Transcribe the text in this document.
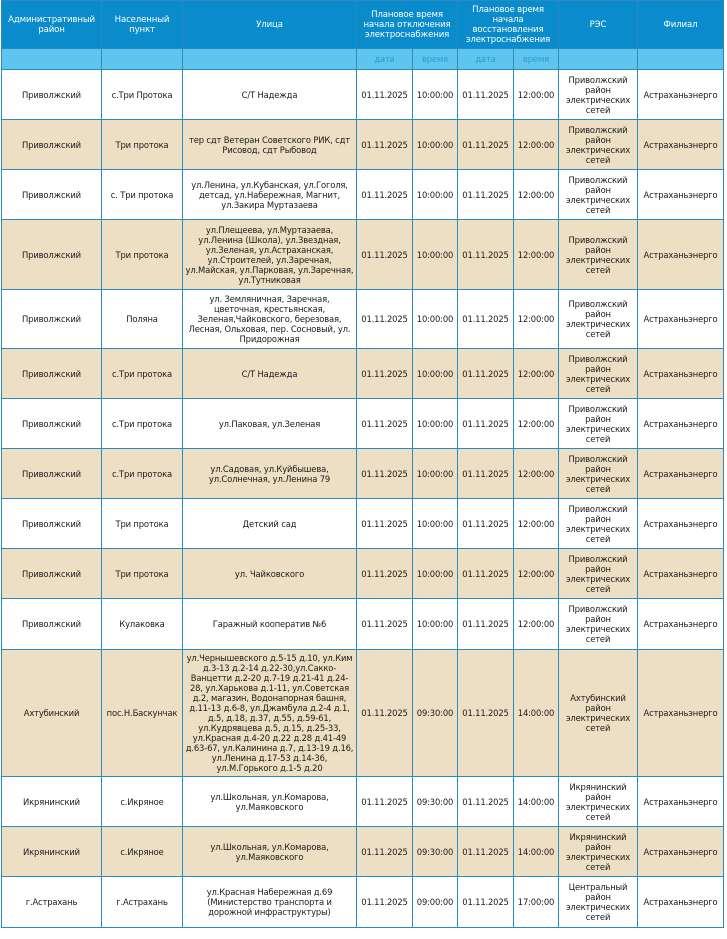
Административный район	Населенный пункт	Улица	Плановое время начала отключения электроснабжения		Плановое время начала восстановления электроснабжения		РЭС	Филиал
			дата	время	дата	время		
Приволжский	с.Три Протока	С/Т Надежда	01.11.2025	10:00:00	01.11.2025	12:00:00	Приволжский район электрических сетей	Астраханьэнерго
Приволжский	Три протока	тер сдт Ветеран Советского РИК, сдт Рисовод, сдт Рыбовод	01.11.2025	10:00:00	01.11.2025	12:00:00	Приволжский район электрических сетей	Астраханьэнерго
Приволжский	с. Три протока	ул.Ленина, ул.Кубанская, ул.Гоголя, детсад, ул.Набережная, Магнит, ул.Закира Муртазаева	01.11.2025	10:00:00	01.11.2025	12:00:00	Приволжский район электрических сетей	Астраханьэнерго
Приволжский	Три протока	ул.Плещеева, ул.Муртазаева, ул.Ленина (Школа), ул.Звездная, ул.Зеленая, ул.Астраханская, ул.Строителей, ул.Заречная, ул.Майская, ул.Парковая, ул.Заречная, ул.Тутниковая	01.11.2025	10:00:00	01.11.2025	12:00:00	Приволжский район электрических сетей	Астраханьэнерго
Приволжский	Поляна	ул. Земляничная, Заречная, цветочная, крестьянская, Зеленая,Чайковского, березовая, Лесная, Ольховая, пер. Сосновый, ул. Придорожная	01.11.2025	10:00:00	01.11.2025	12:00:00	Приволжский район электрических сетей	Астраханьэнерго
Приволжский	с.Три протока	С/Т Надежда	01.11.2025	10:00:00	01.11.2025	12:00:00	Приволжский район электрических сетей	Астраханьэнерго
Приволжский	с.Три протока	ул.Паковая, ул.Зеленая	01.11.2025	10:00:00	01.11.2025	12:00:00	Приволжский район электрических сетей	Астраханьэнерго
Приволжский	с.Три протока	ул.Садовая, ул.Куйбышева, ул.Солнечная, ул.Ленина 79	01.11.2025	10:00:00	01.11.2025	12:00:00	Приволжский район электрических сетей	Астраханьэнерго
Приволжский	Три протока	Детский сад	01.11.2025	10:00:00	01.11.2025	12:00:00	Приволжский район электрических сетей	Астраханьэнерго
Приволжский	Три протока	ул. Чайковского	01.11.2025	10:00:00	01.11.2025	12:00:00	Приволжский район электрических сетей	Астраханьэнерго
Приволжский	Кулаковка	Гаражный кооператив №6	01.11.2025	10:00:00	01.11.2025	12:00:00	Приволжский район электрических сетей	Астраханьэнерго
Ахтубинский	пос.Н.Баскунчак	ул.Чернышевского д.5-15 д.10, ул.Ким д.3-13 д.2-14 д.22-30,ул.Сакко-Ванцетти д.2-20 д.7-19 д.21-41 д.24-28, ул.Харькова д.1-11, ул.Советская д.2, магазин, Водонапорная башня, д.11-13 д.6-8, ул.Джамбула д.2-4 д.1, д.5, д.18, д.37, д.55, д.59-61, ул.Кудрявцева д.5, д.15, д.25-33, ул.Красная д.4-20 д.22 д.28 д.41-49 д.63-67, ул.Калинина д.7, д.13-19 д.16, ул.Ленина д.17-53 д.14-36, ул.М.Горького д.1-5 д.20	01.11.2025	09:30:00	01.11.2025	14:00:00	Ахтубинский район электрических сетей	Астраханьэнерго
Икрянинский	с.Икряное	ул.Школьная, ул.Комарова, ул.Маяковского	01.11.2025	09:30:00	01.11.2025	14:00:00	Икрянинский район электрических сетей	Астраханьэнерго
Икрянинский	с.Икряное	ул.Школьная, ул.Комарова, ул.Маяковского	01.11.2025	09:30:00	01.11.2025	14:00:00	Икрянинский район электрических сетей	Астраханьэнерго
г.Астрахань	г.Астрахань	ул.Красная Набережная д.69 (Министерство транспорта и дорожной инфраструктуры)	01.11.2025	09:00:00	01.11.2025	17:00:00	Центральный район электрических сетей	Астраханьэнерго
